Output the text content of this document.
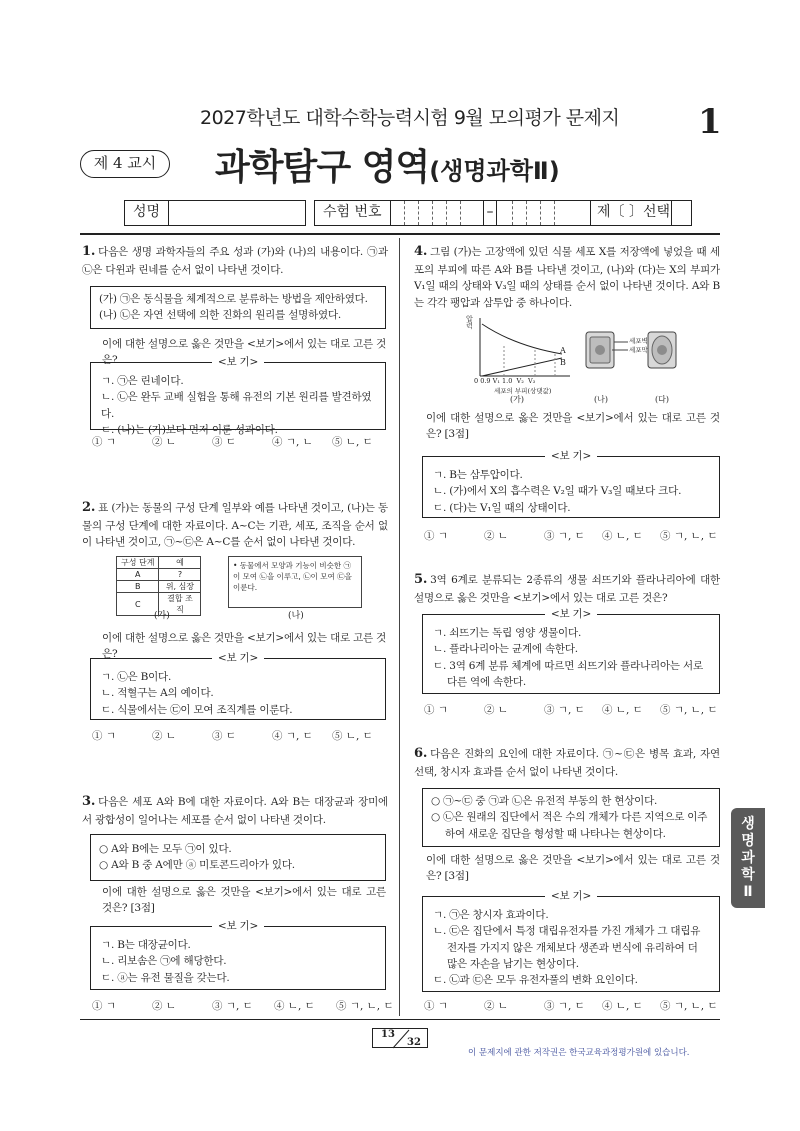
2027학년도 대학수학능력시험 9월 모의평가 문제지 1
제 4 교시	과학탐구 영역(생명과학Ⅱ)
성명	수험 번호	–	제〔 〕선택
1. 다음은 생명 과학자들의 주요 성과 (가)와 (나)의 내용이다. ㉠과 ㉡은 다윈과 린네를 순서 없이 나타낸 것이다.
(가) ㉠은 동식물을 체계적으로 분류하는 방법을 제안하였다.
(나) ㉡은 자연 선택에 의한 진화의 원리를 설명하였다.
이에 대한 설명으로 옳은 것만을 <보기>에서 있는 대로 고른 것은?	<보 기>
ㄱ. ㉠은 린네이다.
ㄴ. ㉡은 완두 교배 실험을 통해 유전의 기본 원리를 발견하였다.
ㄷ. (나)는 (가)보다 먼저 이룬 성과이다.
① ㄱ	② ㄴ	③ ㄷ	④ ㄱ, ㄴ ⑤ ㄴ, ㄷ
2. 표 (가)는 동물의 구성 단계 일부와 예를 나타낸 것이고, (나)는 동물의 구성 단계에 대한 자료이다. A~C는 기관, 세포, 조직을 순서 없이 나타낸 것이고, ㉠~㉢은 A~C를 순서 없이 나타낸 것이다.
구성 단계	예
A	?
B	위, 심장
C	결합 조직
• 동물에서 모양과 기능이 비슷한 ㉠이 모여 ㉡을 이루고, ㉡이 모여 ㉢을 이룬다.
(가)	(나)
이에 대한 설명으로 옳은 것만을 <보기>에서 있는 대로 고른 것은?	<보 기>
ㄱ. ㉡은 B이다.
ㄴ. 적혈구는 A의 예이다.
ㄷ. 식물에서는 ㉢이 모여 조직계를 이룬다.
① ㄱ	② ㄴ	③ ㄷ	④ ㄱ, ㄷ ⑤ ㄴ, ㄷ
3. 다음은 세포 A와 B에 대한 자료이다. A와 B는 대장균과 장미에서 광합성이 일어나는 세포를 순서 없이 나타낸 것이다.
○ A와 B에는 모두 ㉠이 있다.
○ A와 B 중 A에만 ⓐ 미토콘드리아가 있다.
이에 대한 설명으로 옳은 것만을 <보기>에서 있는 대로 고른 것은? [3점]
<보 기>
ㄱ. B는 대장균이다.
ㄴ. 리보솜은 ㉠에 해당한다.
ㄷ. ⓐ는 유전 물질을 갖는다.
① ㄱ	② ㄴ	③ ㄱ, ㄷ ④ ㄴ, ㄷ ⑤ ㄱ, ㄴ, ㄷ
4. 그림 (가)는 고장액에 있던 식물 세포 X를 저장액에 넣었을 때 세포의 부피에 따른 A와 B를 나타낸 것이고, (나)와 (다)는 X의 부피가 V₁일 때의 상태와 V₃일 때의 상태를 순서 없이 나타낸 것이다. A와 B는 각각 팽압과 삼투압 중 하나이다.
압력
A
B
0 0.9 V₁ 1.0 V₂ V₃
세포의 부피(상댓값)
세포벽
세포막
(가)	(나)	(다)
이에 대한 설명으로 옳은 것만을 <보기>에서 있는 대로 고른 것은? [3점]
<보 기>
ㄱ. B는 삼투압이다.
ㄴ. (가)에서 X의 흡수력은 V₂일 때가 V₃일 때보다 크다.
ㄷ. (다)는 V₁일 때의 상태이다.
① ㄱ	② ㄴ	③ ㄱ, ㄷ ④ ㄴ, ㄷ ⑤ ㄱ, ㄴ, ㄷ
5. 3역 6계로 분류되는 2종류의 생물 쇠뜨기와 플라나리아에 대한 설명으로 옳은 것만을 <보기>에서 있는 대로 고른 것은?
<보 기>
ㄱ. 쇠뜨기는 독립 영양 생물이다.
ㄴ. 플라나리아는 균계에 속한다.
ㄷ. 3역 6계 분류 체계에 따르면 쇠뜨기와 플라나리아는 서로 다른 역에 속한다.
① ㄱ	② ㄴ	③ ㄱ, ㄷ ④ ㄴ, ㄷ ⑤ ㄱ, ㄴ, ㄷ
6. 다음은 진화의 요인에 대한 자료이다. ㉠~㉢은 병목 효과, 자연 선택, 창시자 효과를 순서 없이 나타낸 것이다.
○ ㉠~㉢ 중 ㉠과 ㉡은 유전적 부동의 한 현상이다.
○ ㉡은 원래의 집단에서 적은 수의 개체가 다른 지역으로 이주하여 새로운 집단을 형성할 때 나타나는 현상이다.
이에 대한 설명으로 옳은 것만을 <보기>에서 있는 대로 고른 것은? [3점]
<보 기>
ㄱ. ㉠은 창시자 효과이다.
ㄴ. ㉢은 집단에서 특정 대립유전자를 가진 개체가 그 대립유전자를 가지지 않은 개체보다 생존과 번식에 유리하여 더 많은 자손을 남기는 현상이다.
ㄷ. ㉡과 ㉢은 모두 유전자풀의 변화 요인이다.
① ㄱ	② ㄴ	③ ㄱ, ㄷ ④ ㄴ, ㄷ ⑤ ㄱ, ㄴ, ㄷ
생명과학Ⅱ
13
32
이 문제지에 관한 저작권은 한국교육과정평가원에 있습니다.
